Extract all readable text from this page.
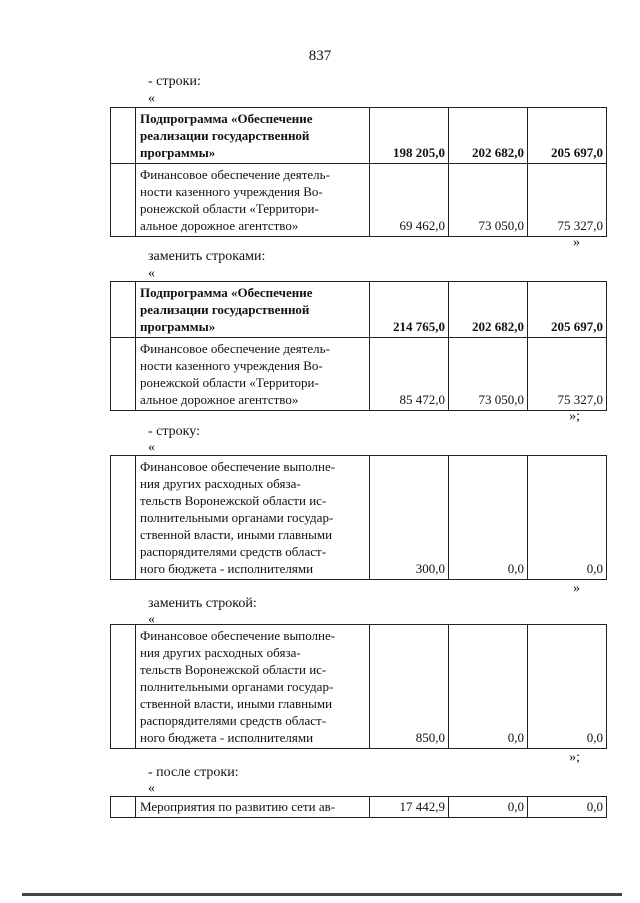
837
- строки:
«
	Подпрограмма «Обеспечение
реализации государственной
программы»	198 205,0	202 682,0	205 697,0
	Финансовое обеспечение деятель-
ности казенного учреждения Во-
ронежской области «Территори-
альное дорожное агентство»	69 462,0	73 050,0	75 327,0
»
заменить строками:
«
	Подпрограмма «Обеспечение
реализации государственной
программы»	214 765,0	202 682,0	205 697,0
	Финансовое обеспечение деятель-
ности казенного учреждения Во-
ронежской области «Территори-
альное дорожное агентство»	85 472,0	73 050,0	75 327,0
»;
- строку:
«
	Финансовое обеспечение выполне-
ния других расходных обяза-
тельств Воронежской области ис-
полнительными органами государ-
ственной власти, иными главными
распорядителями средств област-
ного бюджета - исполнителями	300,0	0,0	0,0
»
заменить строкой:
«
	Финансовое обеспечение выполне-
ния других расходных обяза-
тельств Воронежской области ис-
полнительными органами государ-
ственной власти, иными главными
распорядителями средств област-
ного бюджета - исполнителями	850,0	0,0	0,0
»;
- после строки:
«
	Мероприятия по развитию сети ав-	17 442,9	0,0	0,0
